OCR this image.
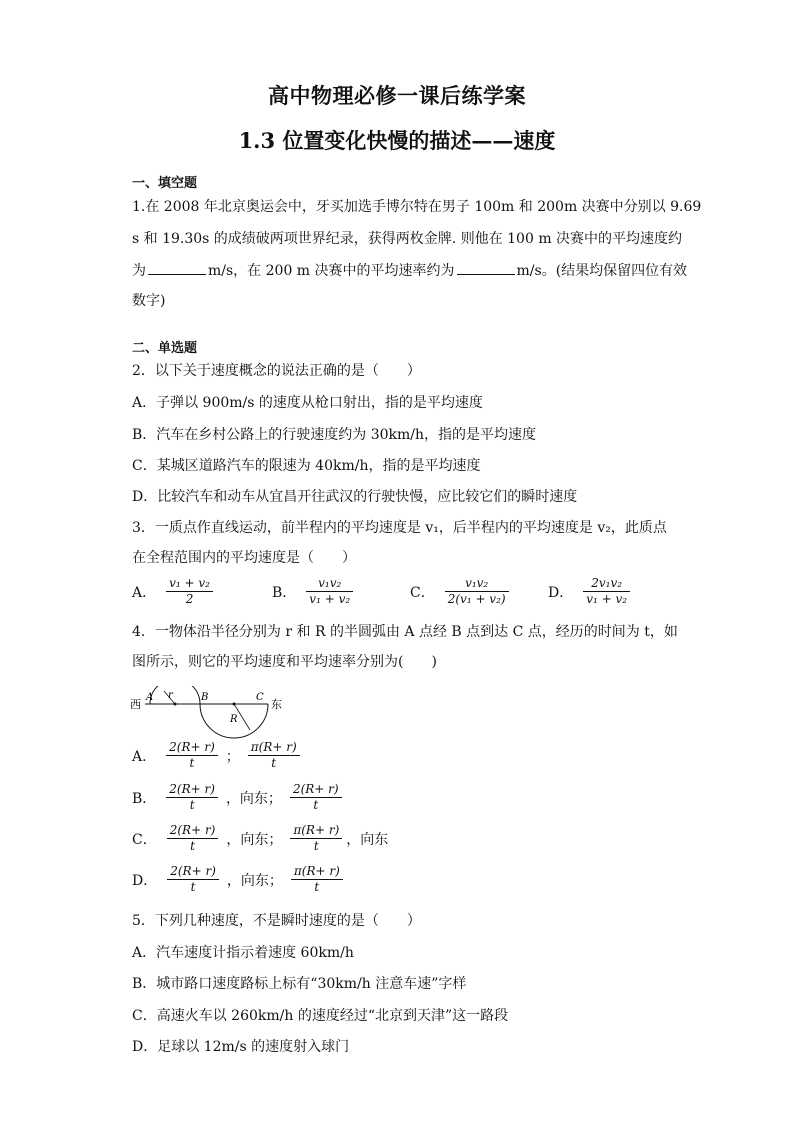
高中物理必修一课后练学案
1.3 位置变化快慢的描述——速度
一、填空题
1.在 2008 年北京奥运会中，牙买加选手博尔特在男子 100m 和 200m 决赛中分别以 9.69
s 和 19.30s 的成绩破两项世界纪录，获得两枚金牌. 则他在 100 m 决赛中的平均速度约
为	m/s，在 200 m 决赛中的平均速率约为	m/s。(结果均保留四位有效
数字)
二、单选题
2．以下关于速度概念的说法正确的是（　　）
A．子弹以 900m/s 的速度从枪口射出，指的是平均速度
B．汽车在乡村公路上的行驶速度约为 30km/h，指的是平均速度
C．某城区道路汽车的限速为 40km/h，指的是平均速度
D．比较汽车和动车从宜昌开往武汉的行驶快慢，应比较它们的瞬时速度
3．一质点作直线运动，前半程内的平均速度是 v₁，后半程内的平均速度是 v₂，此质点
在全程范围内的平均速度是（　　）
A． $\frac{\text{v₁ + v₂}}{2}$	B． $\frac{\text{v₁v₂}}{\text{v₁ + v₂}}$	C． $\frac{\text{v₁v₂}}{\text{2(v₁ + v₂)}}$	D． $\frac{\text{2v₁v₂}}{\text{v₁ + v₂}}$
4．一物体沿半径分别为 r 和 R 的半圆弧由 A 点经 B 点到达 C 点，经历的时间为 t，如
图所示，则它的平均速度和平均速率分别为(　　)
西
A r	B	C
R
东
A． $\frac{2(R+ r)}{t}$ ； $\frac{\pi(R+ r)}{t}$
B． $\frac{2(R+ r)}{t}$ ，向东； $\frac{2(R+ r)}{t}$
C． $\frac{2(R+ r)}{t}$ ，向东； $\frac{\pi(R+ r)}{t}$ ，向东
D． $\frac{2(R+ r)}{t}$ ，向东； $\frac{\pi(R+ r)}{t}$
5．下列几种速度，不是瞬时速度的是（　　）
A．汽车速度计指示着速度 60km/h
B．城市路口速度路标上标有“30km/h 注意车速”字样
C．高速火车以 260km/h 的速度经过“北京到天津”这一路段
D．足球以 12m/s 的速度射入球门
